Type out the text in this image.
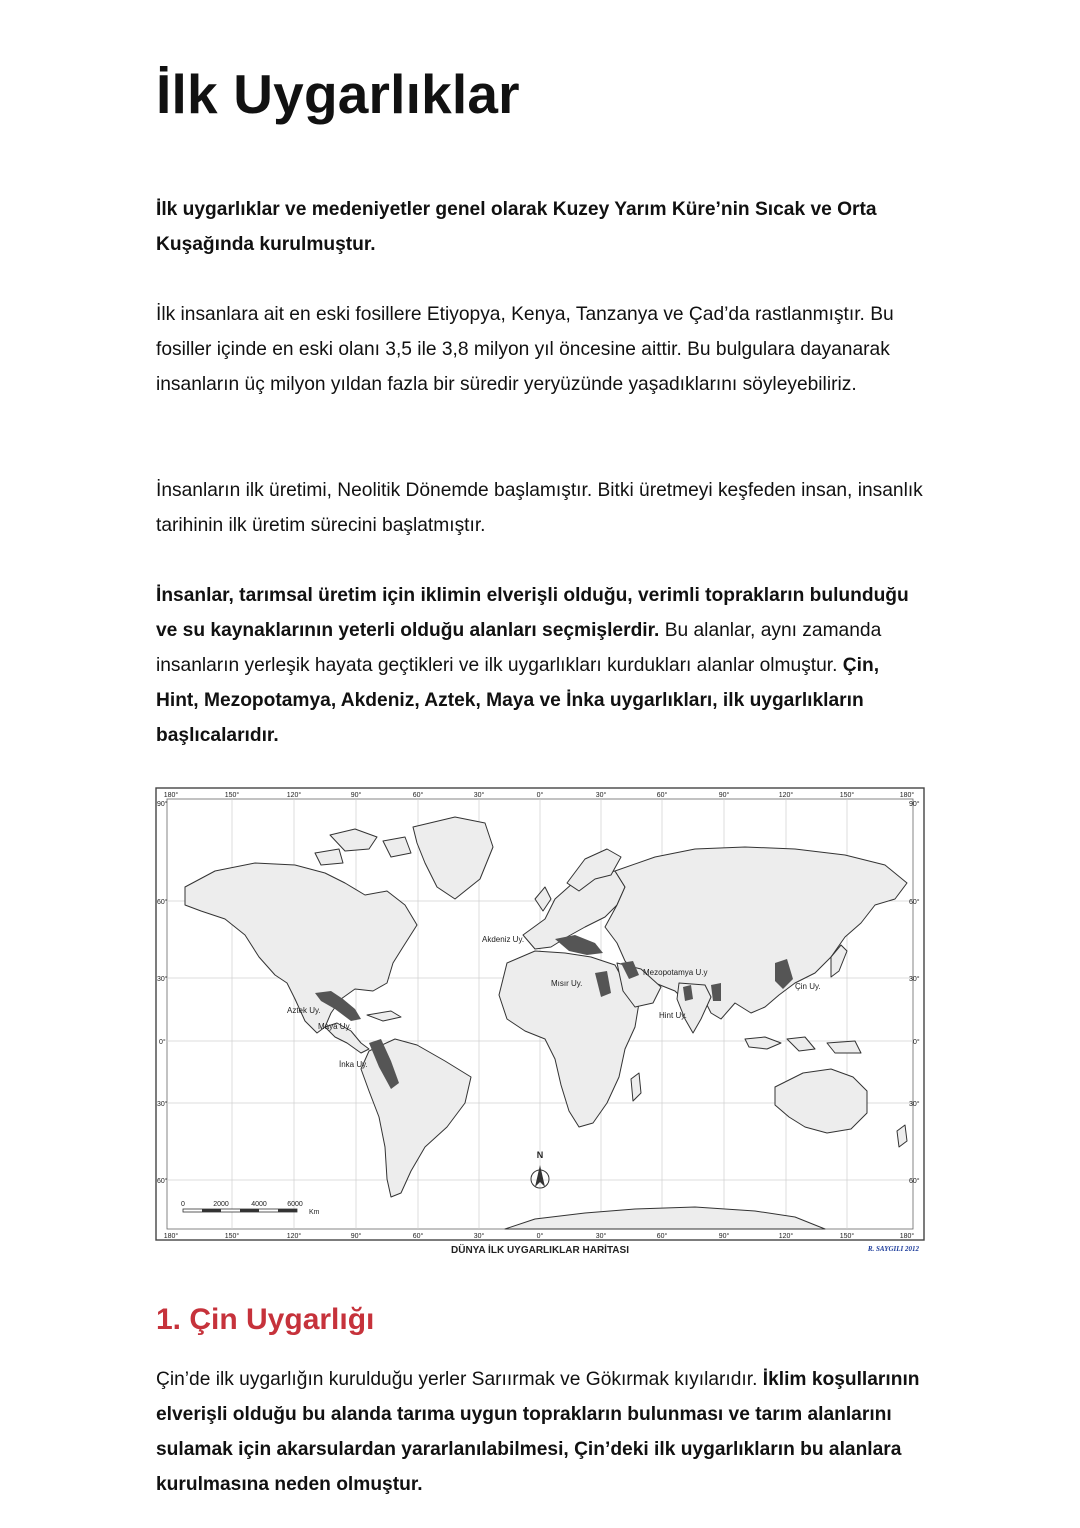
İlk Uygarlıklar

İlk uygarlıklar ve medeniyetler genel olarak Kuzey Yarım Küre’nin Sıcak ve Orta Kuşağında kurulmuştur.

İlk insanlara ait en eski fosillere Etiyopya, Kenya, Tanzanya ve Çad’da rastlanmıştır. Bu fosiller içinde en eski olanı 3,5 ile 3,8 milyon yıl öncesine aittir. Bu bulgulara dayanarak insanların üç milyon yıldan fazla bir süredir yeryüzünde yaşadıklarını söyleyebiliriz.

İnsanların ilk üretimi, Neolitik Dönemde başlamıştır. Bitki üretmeyi keşfeden insan, insanlık tarihinin ilk üretim sürecini başlatmıştır.

İnsanlar, tarımsal üretim için iklimin elverişli olduğu, verimli toprakların bulunduğu ve su kaynaklarının yeterli olduğu alanları seçmişlerdir. Bu alanlar, aynı zamanda insanların yerleşik hayata geçtikleri ve ilk uygarlıkları kurdukları alanlar olmuştur. Çin, Hint, Mezopotamya, Akdeniz, Aztek, Maya ve İnka uygarlıkları, ilk uygarlıkların başlıcalarıdır.

180°	150°	120°	90°	60°	30°	0°	30°	60°	90°	120°	150°	180°
180°	150°	120°	90°	60°	30°	0°	30°	60°	90°	120°	150°	180°
90°
60°
30°
0°
30°
60°
90°
60°
30°
0°
30°
60°
Akdeniz Uy.
Mısır Uy.
Mezopotamya U.y
Hint Uy.
Çin Uy.
Aztek Uy.
Maya Uy.
İnka Uy.
N
0	2000	4000	6000
Km
DÜNYA İLK UYGARLIKLAR HARİTASI	R. SAYGILI 2012
1. Çin Uygarlığı

Çin’de ilk uygarlığın kurulduğu yerler Sarıırmak ve Gökırmak kıyılarıdır. İklim koşullarının elverişli olduğu bu alanda tarıma uygun toprakların bulunması ve tarım alanlarını sulamak için akarsulardan yararlanılabilmesi, Çin’deki ilk uygarlıkların bu alanlara kurulmasına neden olmuştur.
